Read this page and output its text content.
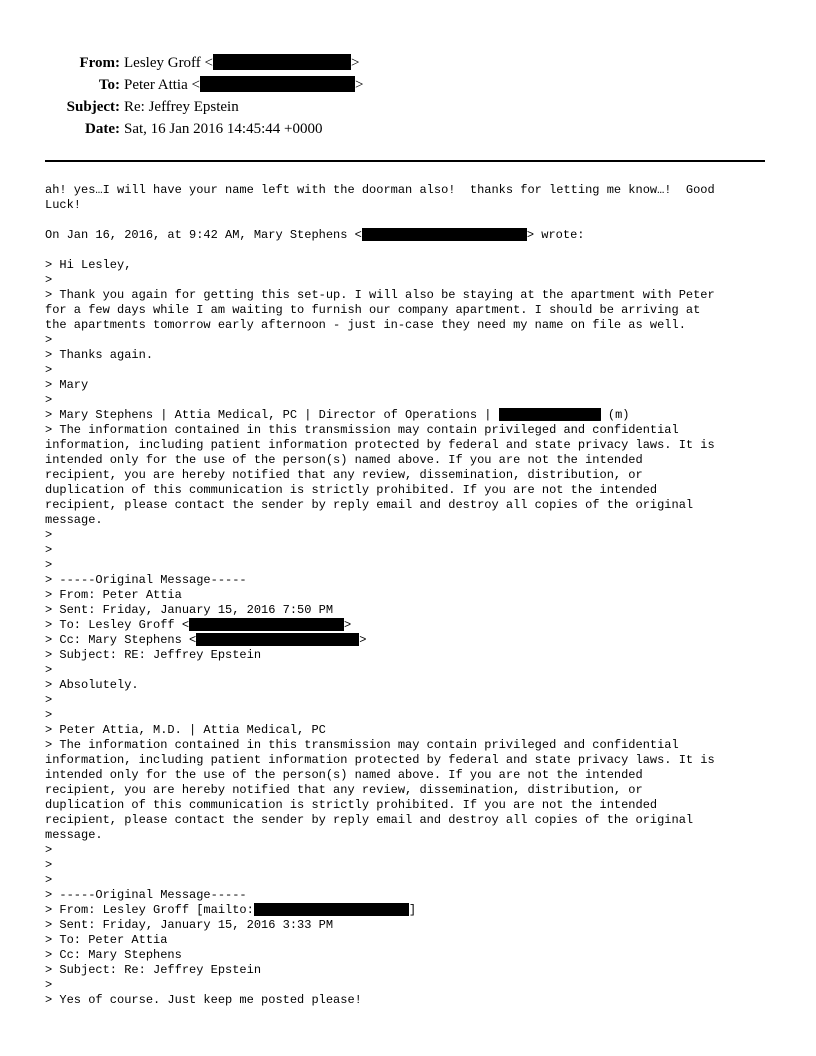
From: Lesley Groff <	>
To: Peter Attia <	>
Subject: Re: Jeffrey Epstein
Date: Sat, 16 Jan 2016 14:45:44 +0000
ah! yes…I will have your name left with the doorman also!  thanks for letting me know…!  Good
Luck!
On Jan 16, 2016, at 9:42 AM, Mary Stephens <	> wrote:
> Hi Lesley,
>
> Thank you again for getting this set-up. I will also be staying at the apartment with Peter
for a few days while I am waiting to furnish our company apartment. I should be arriving at
the apartments tomorrow early afternoon - just in-case they need my name on file as well.
>
> Thanks again.
>
> Mary
>
> Mary Stephens | Attia Medical, PC | Director of Operations |	(m)
> The information contained in this transmission may contain privileged and confidential
information, including patient information protected by federal and state privacy laws. It is
intended only for the use of the person(s) named above. If you are not the intended
recipient, you are hereby notified that any review, dissemination, distribution, or
duplication of this communication is strictly prohibited. If you are not the intended
recipient, please contact the sender by reply email and destroy all copies of the original
message.
>
>
>
> -----Original Message-----
> From: Peter Attia
> Sent: Friday, January 15, 2016 7:50 PM
> To: Lesley Groff <	>
> Cc: Mary Stephens <	>
> Subject: RE: Jeffrey Epstein
>
> Absolutely.
>
>
> Peter Attia, M.D. | Attia Medical, PC
> The information contained in this transmission may contain privileged and confidential
information, including patient information protected by federal and state privacy laws. It is
intended only for the use of the person(s) named above. If you are not the intended
recipient, you are hereby notified that any review, dissemination, distribution, or
duplication of this communication is strictly prohibited. If you are not the intended
recipient, please contact the sender by reply email and destroy all copies of the original
message.
>
>
>
> -----Original Message-----
> From: Lesley Groff [mailto:	]
> Sent: Friday, January 15, 2016 3:33 PM
> To: Peter Attia
> Cc: Mary Stephens
> Subject: Re: Jeffrey Epstein
>
> Yes of course. Just keep me posted please!
